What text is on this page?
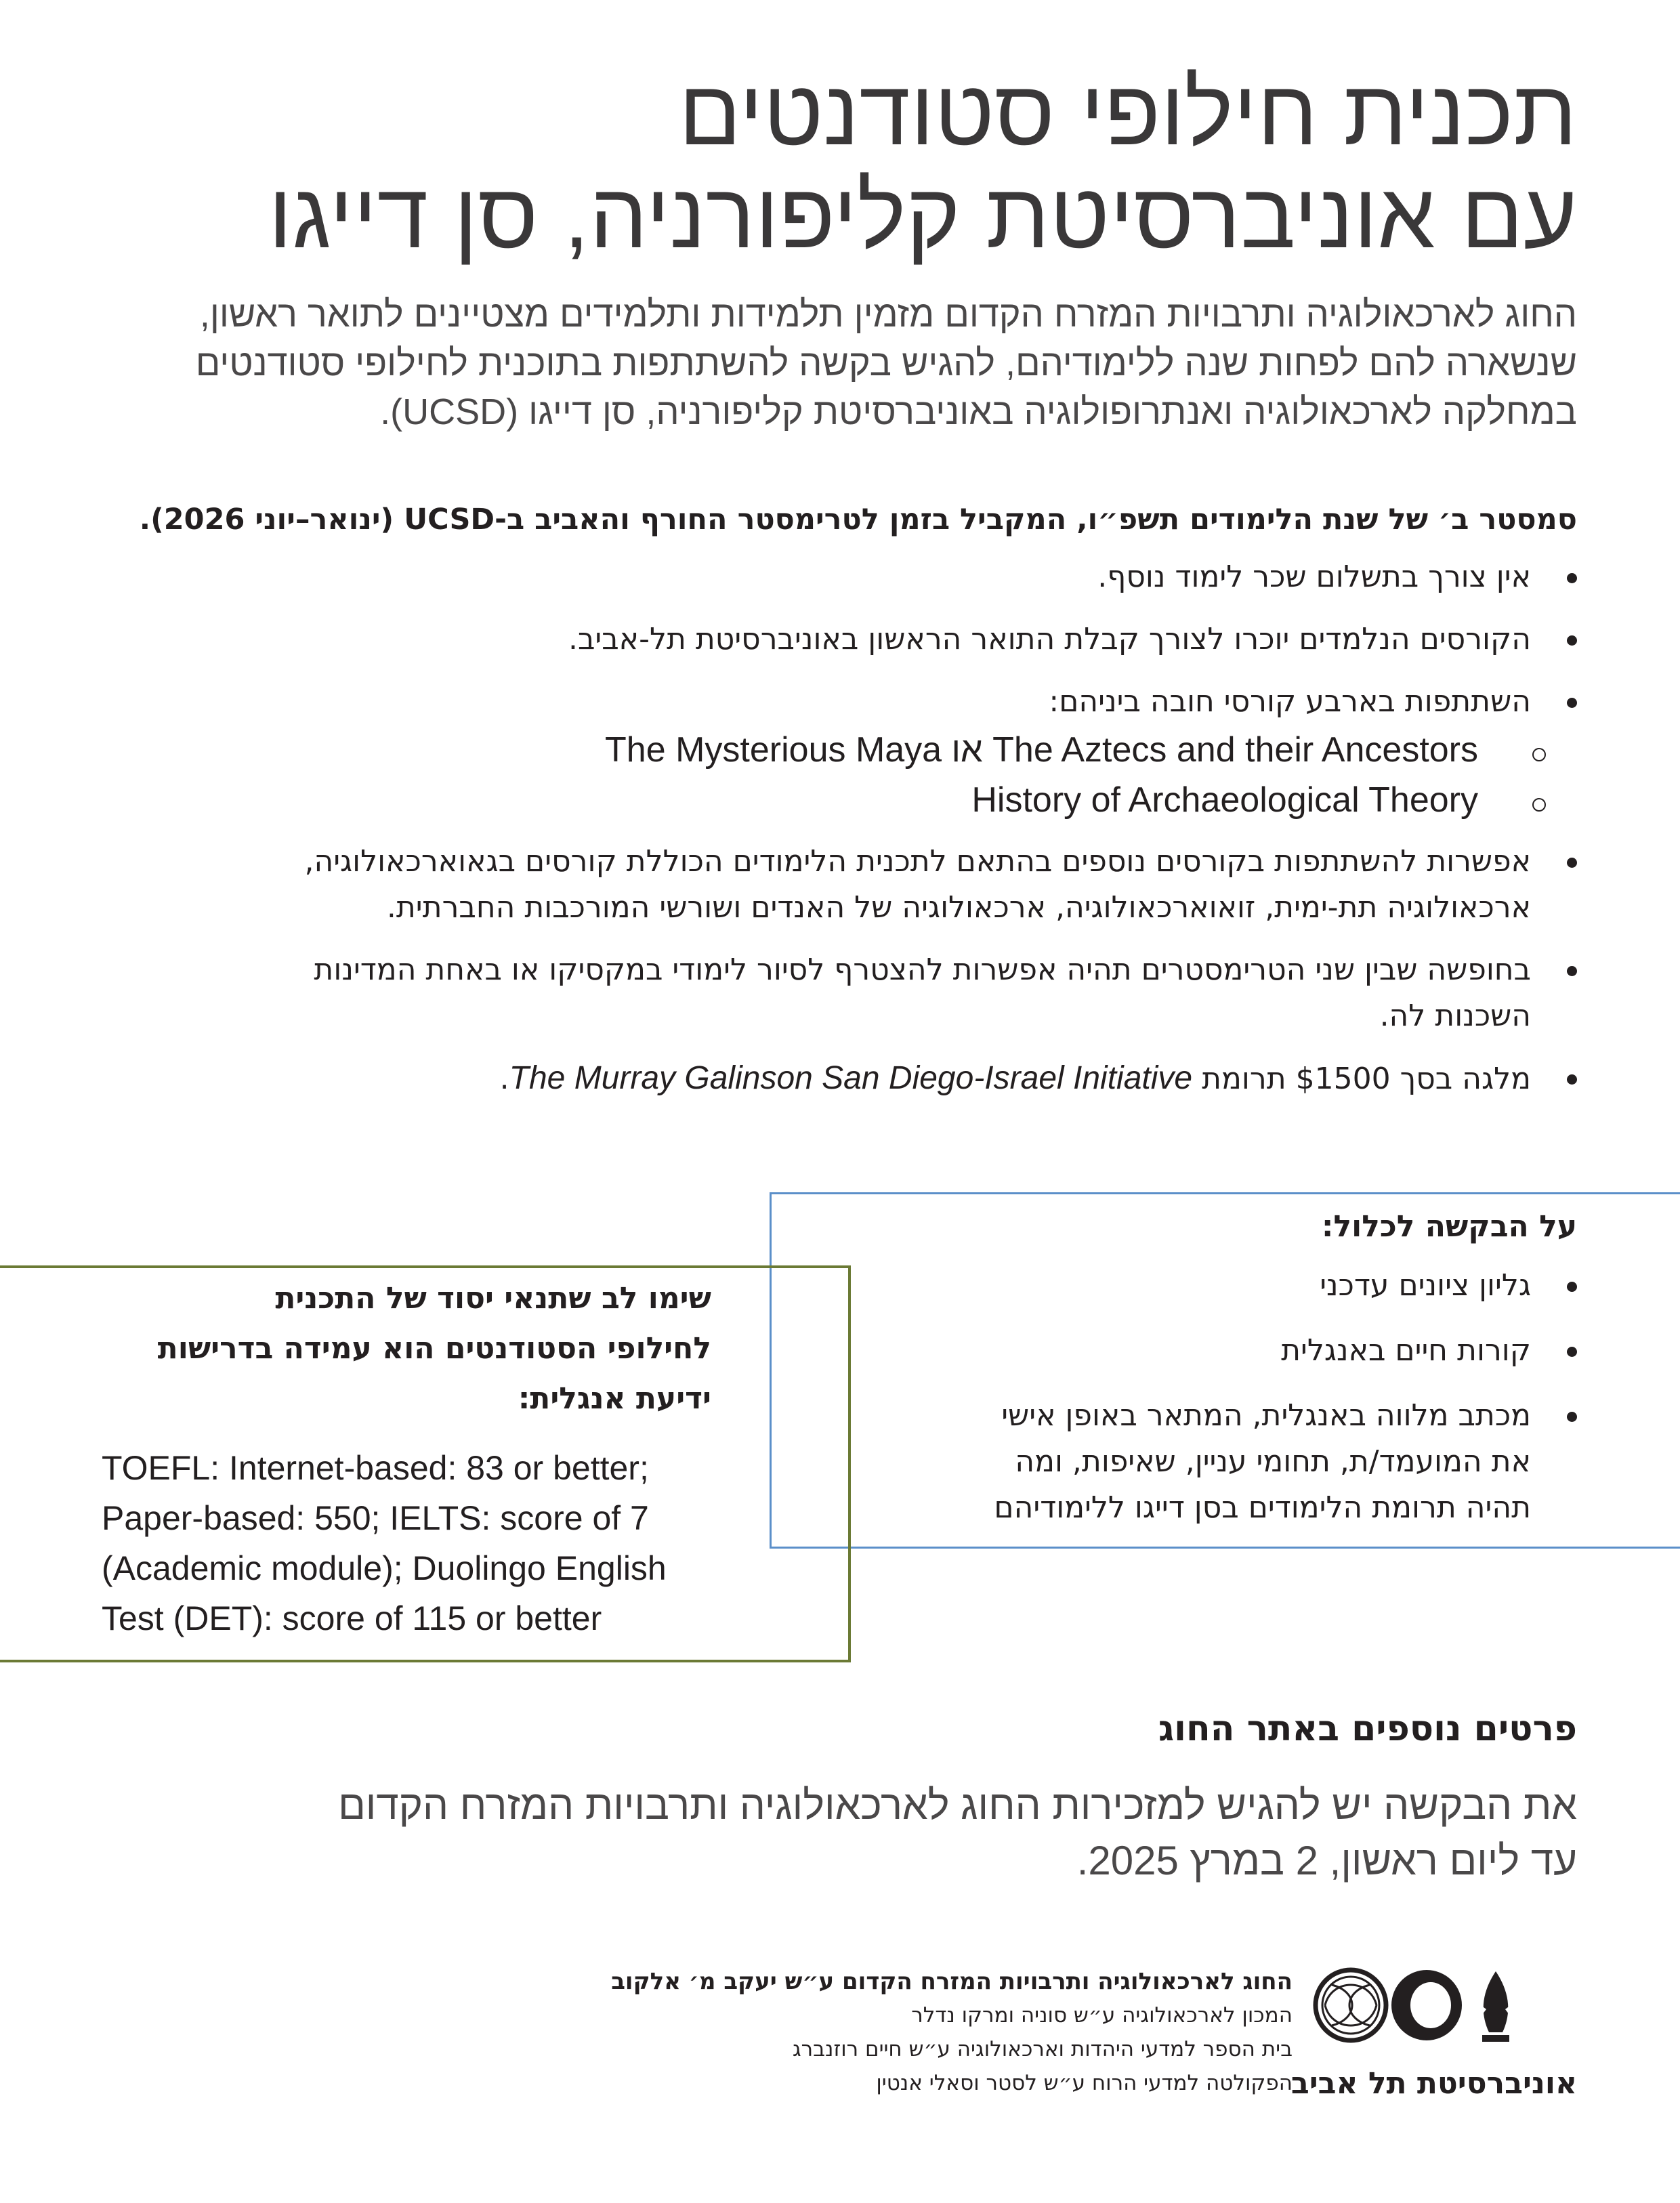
תכנית חילופי סטודנטים
עם אוניברסיטת קליפורניה, סן דייגו

החוג לארכאולוגיה ותרבויות המזרח הקדום מזמין תלמידות ותלמידים מצטיינים לתואר ראשון,
שנשארה להם לפחות שנה ללימודיהם, להגיש בקשה להשתתפות בתוכנית לחילופי סטודנטים
במחלקה לארכאולוגיה ואנתרופולוגיה באוניברסיטת קליפורניה, סן דייגו (UCSD).

סמסטר ב׳ של שנת הלימודים תשפ״ו, המקביל בזמן לטרימסטר החורף והאביב ב-UCSD (ינואר–יוני 2026).

אין צורך בתשלום שכר לימוד נוסף.
הקורסים הנלמדים יוכרו לצורך קבלת התואר הראשון באוניברסיטת תל-אביב.
השתתפות בארבע קורסי חובה ביניהם:
The Aztecs and their Ancestors או The Mysterious Maya
History of Archaeological Theory
אפשרות להשתתפות בקורסים נוספים בהתאם לתכנית הלימודים הכוללת קורסים בגאוארכאולוגיה,
ארכאולוגיה תת-ימית, זואוארכאולוגיה, ארכאולוגיה של האנדים ושורשי המורכבות החברתית.
בחופשה שבין שני הטרימסטרים תהיה אפשרות להצטרף לסיור לימודי במקסיקו או באחת המדינות
השכנות לה.
מלגה בסך $1500 תרומת The Murray Galinson San Diego-Israel Initiative.

על הבקשה לכלול:

גליון ציונים עדכני
קורות חיים באנגלית
מכתב מלווה באנגלית, המתאר באופן אישי
את המועמד/ת, תחומי עניין, שאיפות, ומה
תהיה תרומת הלימודים בסן דייגו ללימודיהם

שימו לב שתנאי יסוד של התכנית
לחילופי הסטודנטים הוא עמידה בדרישות
ידיעת אנגלית:

TOEFL: Internet-based: 83 or better;
Paper-based: 550; IELTS: score of 7
(Academic module); Duolingo English
Test (DET): score of 115 or better

פרטים נוספים באתר החוג

את הבקשה יש להגיש למזכירות החוג לארכאולוגיה ותרבויות המזרח הקדום
עד ליום ראשון, 2 במרץ 2025.

החוג לארכאולוגיה ותרבויות המזרח הקדום ע״ש יעקב מ׳ אלקוב
המכון לארכאולוגיה ע״ש סוניה ומרקו נדלר
בית הספר למדעי היהדות וארכאולוגיה ע״ש חיים רוזנברג
הפקולטה למדעי הרוח ע״ש לסטר וסאלי אנטין

אוניברסיטת תל אביב
